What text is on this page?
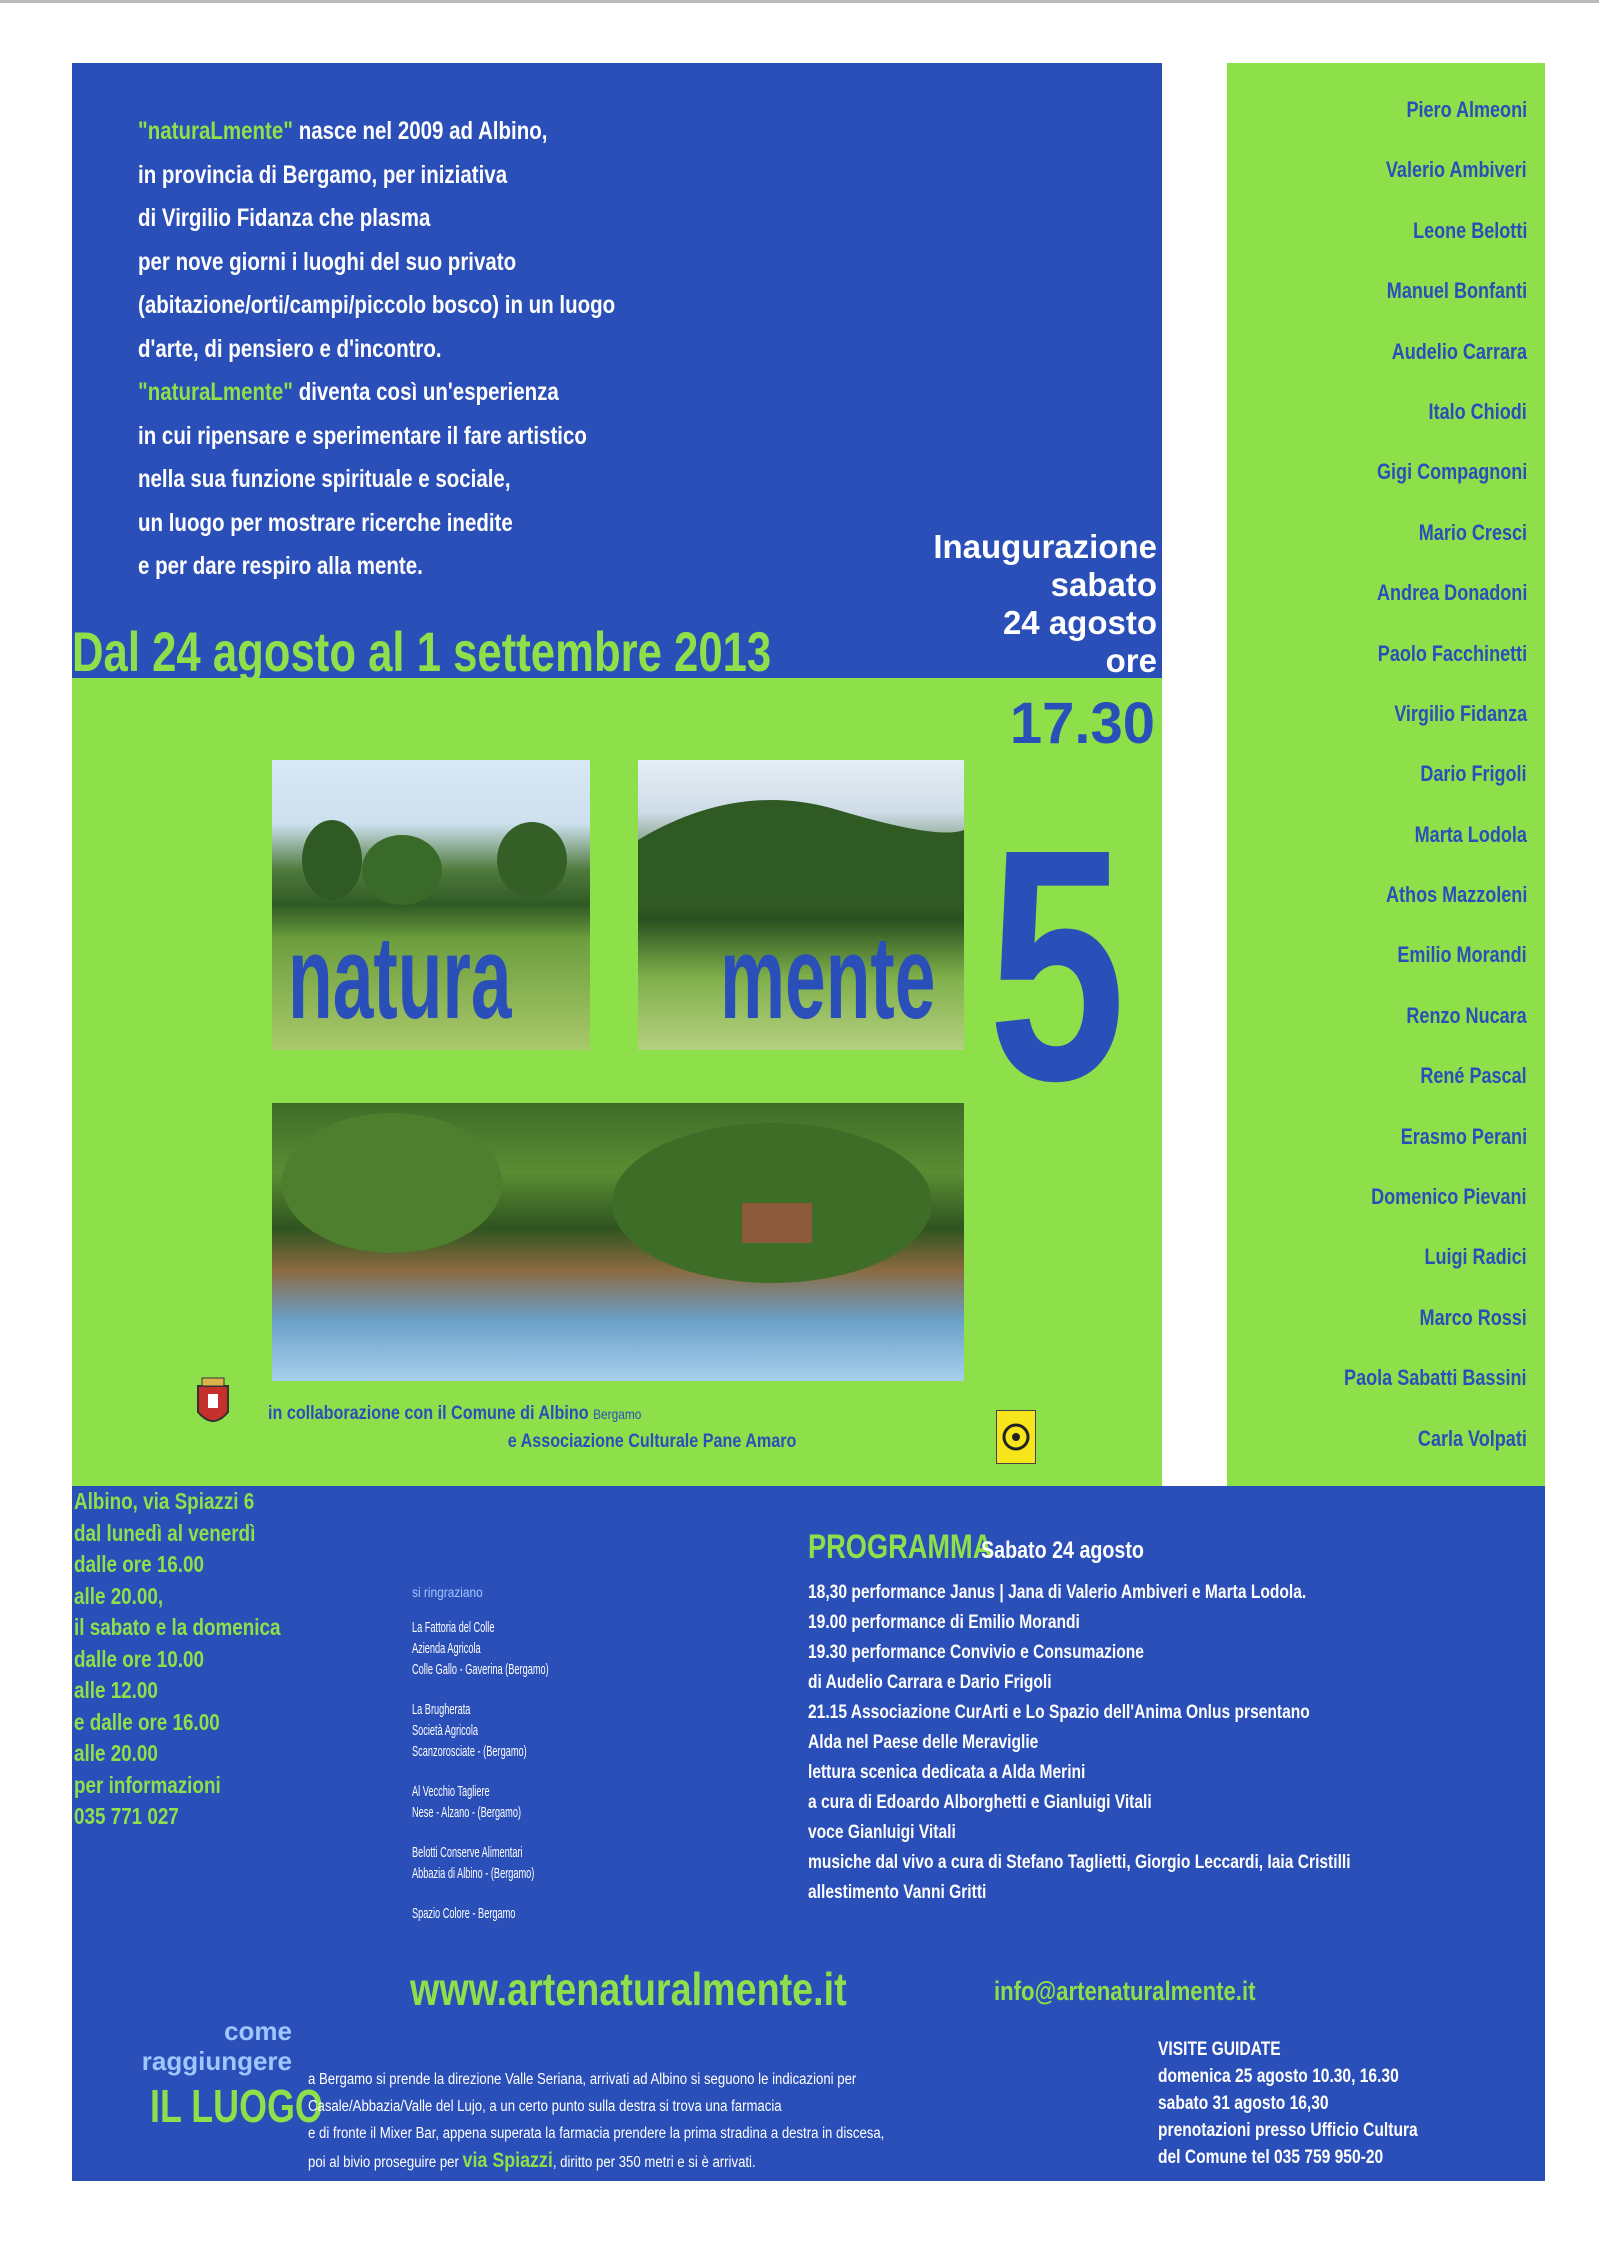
"naturaLmente" nasce nel 2009 ad Albino,
in provincia di Bergamo, per iniziativa
di Virgilio Fidanza che plasma
per nove giorni i luoghi del suo privato
(abitazione/orti/campi/piccolo bosco) in un luogo
d'arte, di pensiero e d'incontro.
"naturaLmente" diventa così un'esperienza
in cui ripensare e sperimentare il fare artistico
nella sua funzione spirituale e sociale,
un luogo per mostrare ricerche inedite
e per dare respiro alla mente.
Dal 24 agosto al 1 settembre 2013
Inaugurazione
sabato
24 agosto
ore
17.30
natura mente 5
in collaborazione con il Comune di Albino Bergamo
e Associazione Culturale Pane Amaro
Piero Almeoni
Valerio Ambiveri
Leone Belotti
Manuel Bonfanti
Audelio Carrara
Italo Chiodi
Gigi Compagnoni
Mario Cresci
Andrea Donadoni
Paolo Facchinetti
Virgilio Fidanza
Dario Frigoli
Marta Lodola
Athos Mazzoleni
Emilio Morandi
Renzo Nucara
René Pascal
Erasmo Perani
Domenico Pievani
Luigi Radici
Marco Rossi
Paola Sabatti Bassini
Carla Volpati
Albino, via Spiazzi 6
dal lunedì al venerdì
dalle ore 16.00
alle 20.00,
il sabato e la domenica
dalle ore 10.00
alle 12.00
e dalle ore 16.00
alle 20.00
per informazioni
035 771 027
si ringraziano
La Fattoria del Colle
Azienda Agricola
Colle Gallo - Gaverina (Bergamo)
La Brugherata
Società Agricola
Scanzorosciate - (Bergamo)
Al Vecchio Tagliere
Nese - Alzano - (Bergamo)
Belotti Conserve Alimentari
Abbazia di Albino - (Bergamo)
Spazio Colore - Bergamo
PROGRAMMA Sabato 24 agosto
18,30 performance Janus | Jana di Valerio Ambiveri e Marta Lodola.
19.00 performance di Emilio Morandi
19.30 performance Convivio e Consumazione
di Audelio Carrara e Dario Frigoli
21.15 Associazione CurArti e Lo Spazio dell'Anima Onlus prsentano
Alda nel Paese delle Meraviglie
lettura scenica dedicata a Alda Merini
a cura di Edoardo Alborghetti e Gianluigi Vitali
voce Gianluigi Vitali
musiche dal vivo a cura di Stefano Taglietti, Giorgio Leccardi, Iaia Cristilli
allestimento Vanni Gritti
www.artenaturalmente.it	info@artenaturalmente.it
come
raggiungere
IL LUOGO
a Bergamo si prende la direzione Valle Seriana, arrivati ad Albino si seguono le indicazioni per
Casale/Abbazia/Valle del Lujo, a un certo punto sulla destra si trova una farmacia
e di fronte il Mixer Bar, appena superata la farmacia prendere la prima stradina a destra in discesa,
poi al bivio proseguire per via Spiazzi, diritto per 350 metri e si è arrivati.
VISITE GUIDATE
domenica 25 agosto 10.30, 16.30
sabato 31 agosto 16,30
prenotazioni presso Ufficio Cultura
del Comune tel 035 759 950-20
